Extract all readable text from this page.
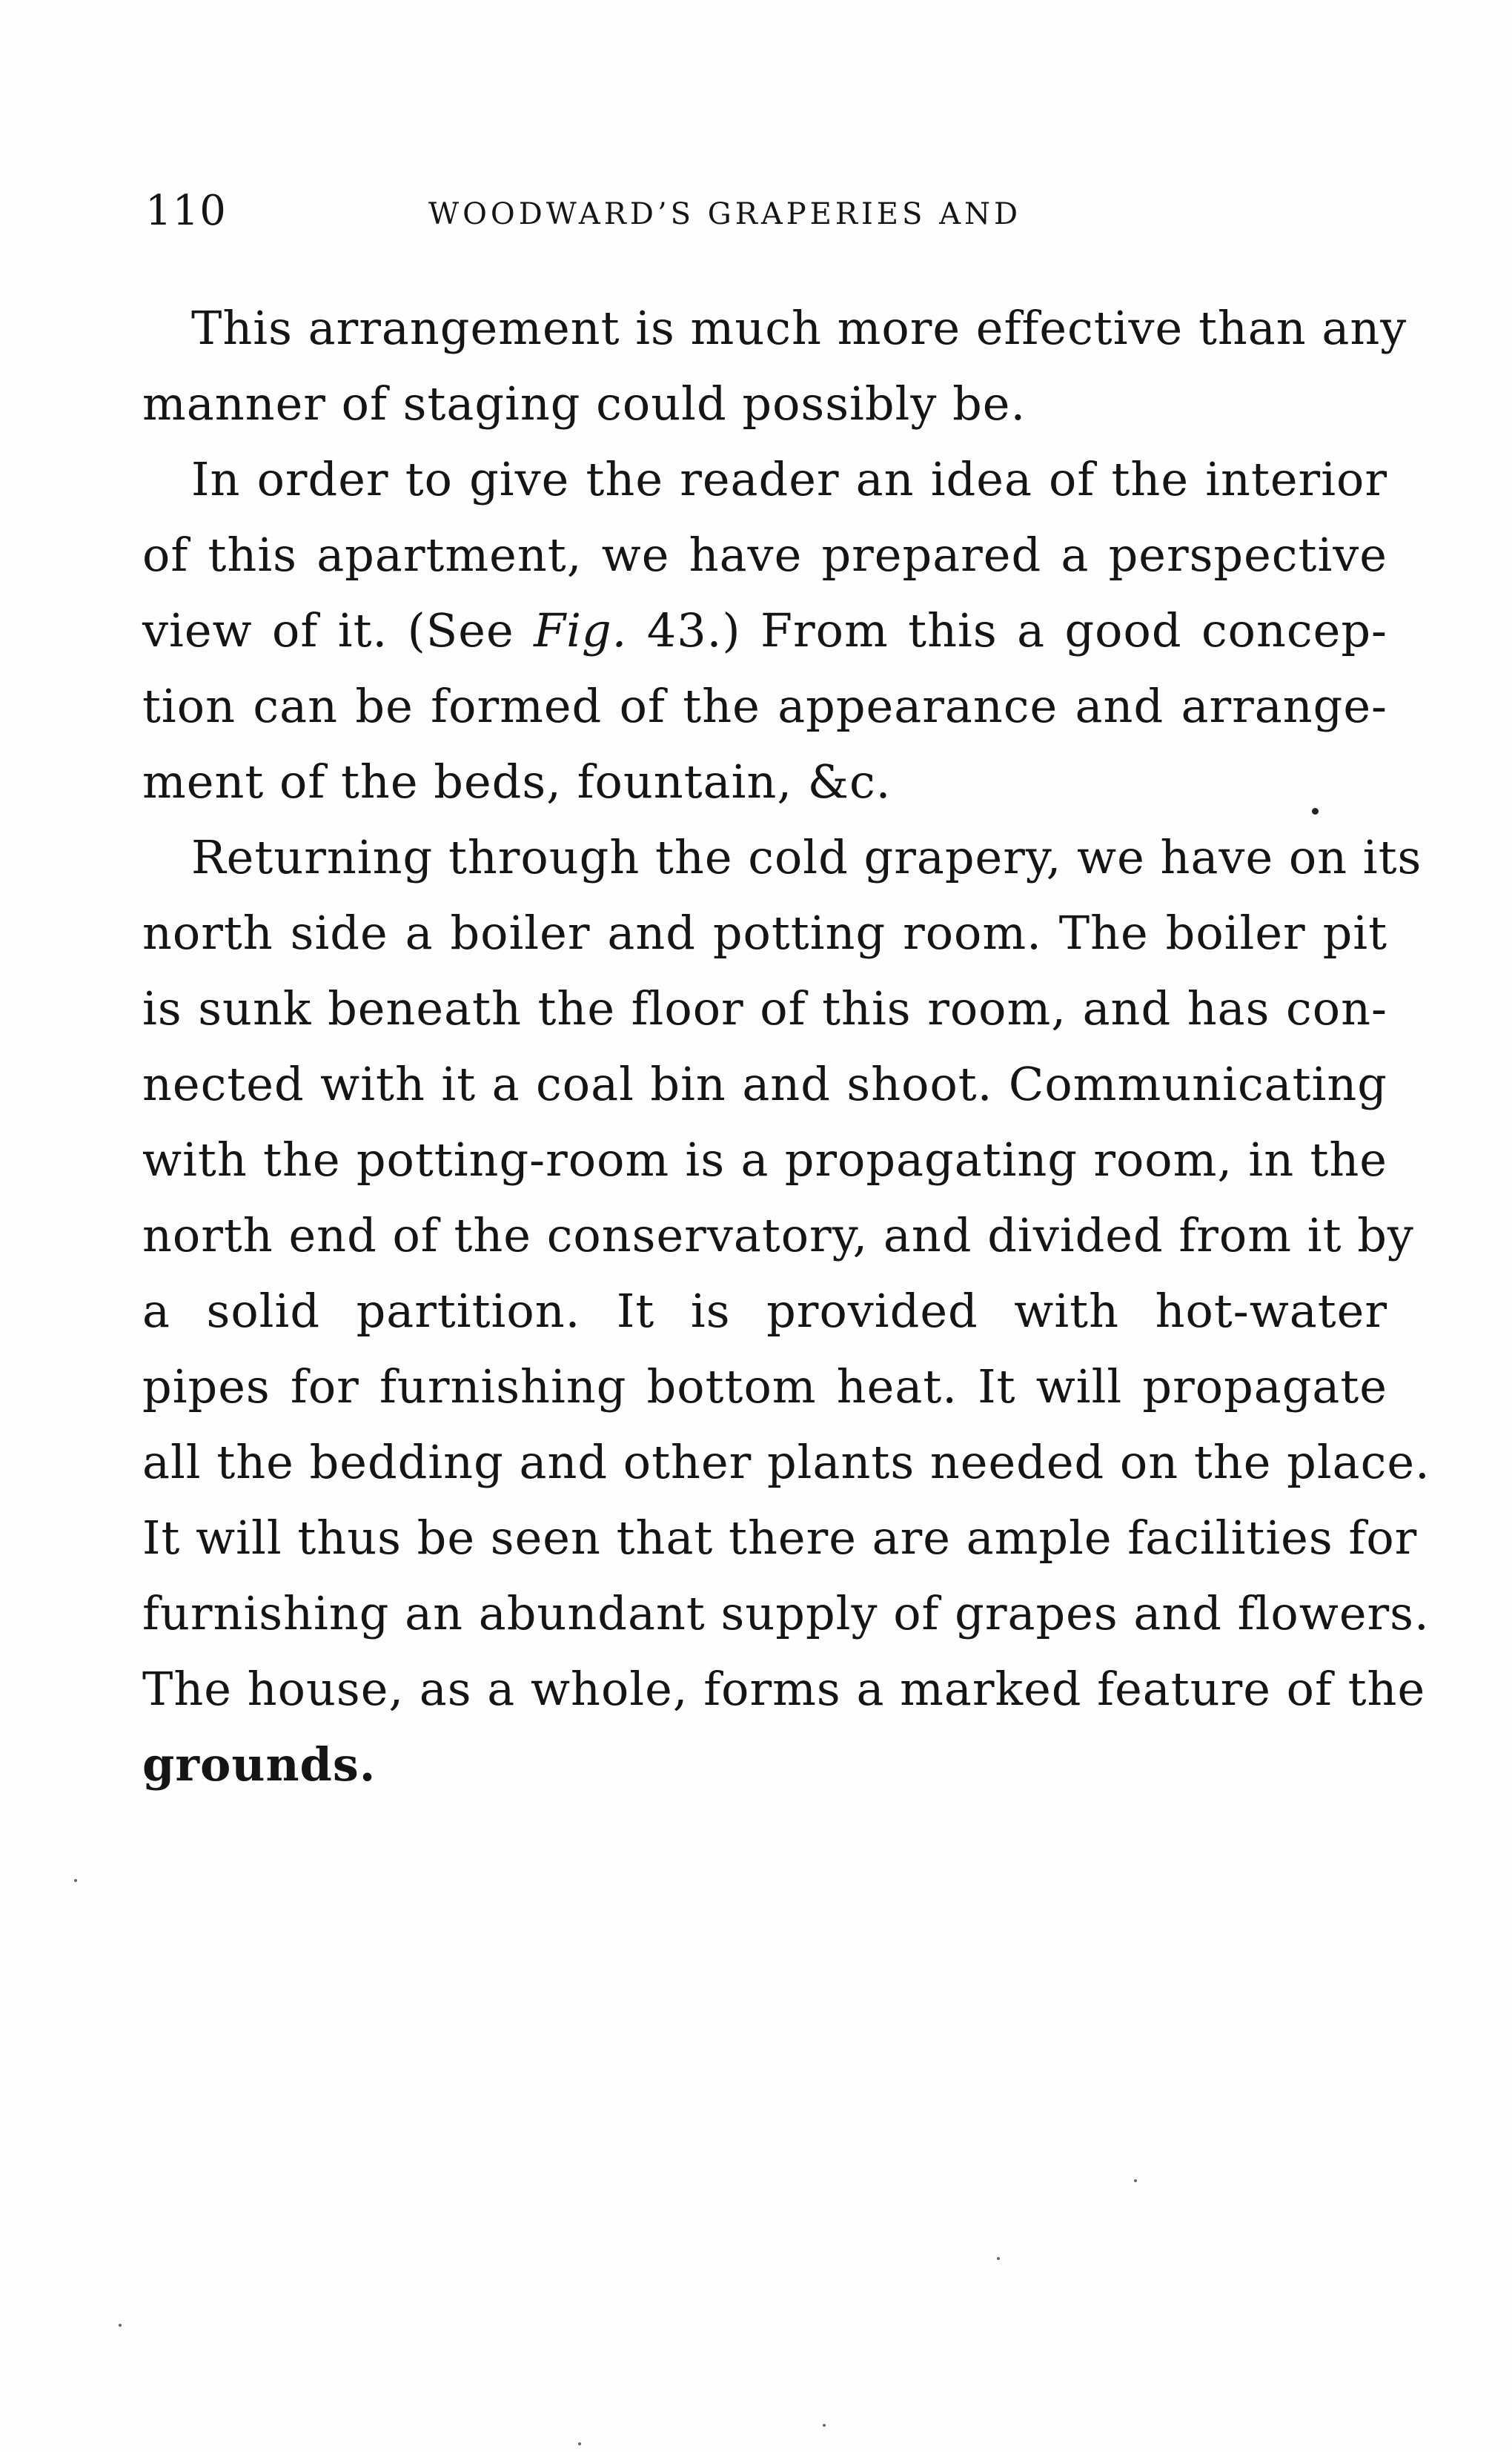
110	WOODWARD’S GRAPERIES AND
This arrangement is much more effective than any
manner of staging could possibly be.
In order to give the reader an idea of the interior
of this apartment, we have prepared a perspective
view of it. (See Fig. 43.) From this a good concep-
tion can be formed of the appearance and arrange-
ment of the beds, fountain, &c.
Returning through the cold grapery, we have on its
north side a boiler and potting room. The boiler pit
is sunk beneath the floor of this room, and has con-
nected with it a coal bin and shoot. Communicating
with the potting-room is a propagating room, in the
north end of the conservatory, and divided from it by
a solid partition. It is provided with hot-water
pipes for furnishing bottom heat. It will propagate
all the bedding and other plants needed on the place.
It will thus be seen that there are ample facilities for
furnishing an abundant supply of grapes and flowers.
The house, as a whole, forms a marked feature of the
grounds.
